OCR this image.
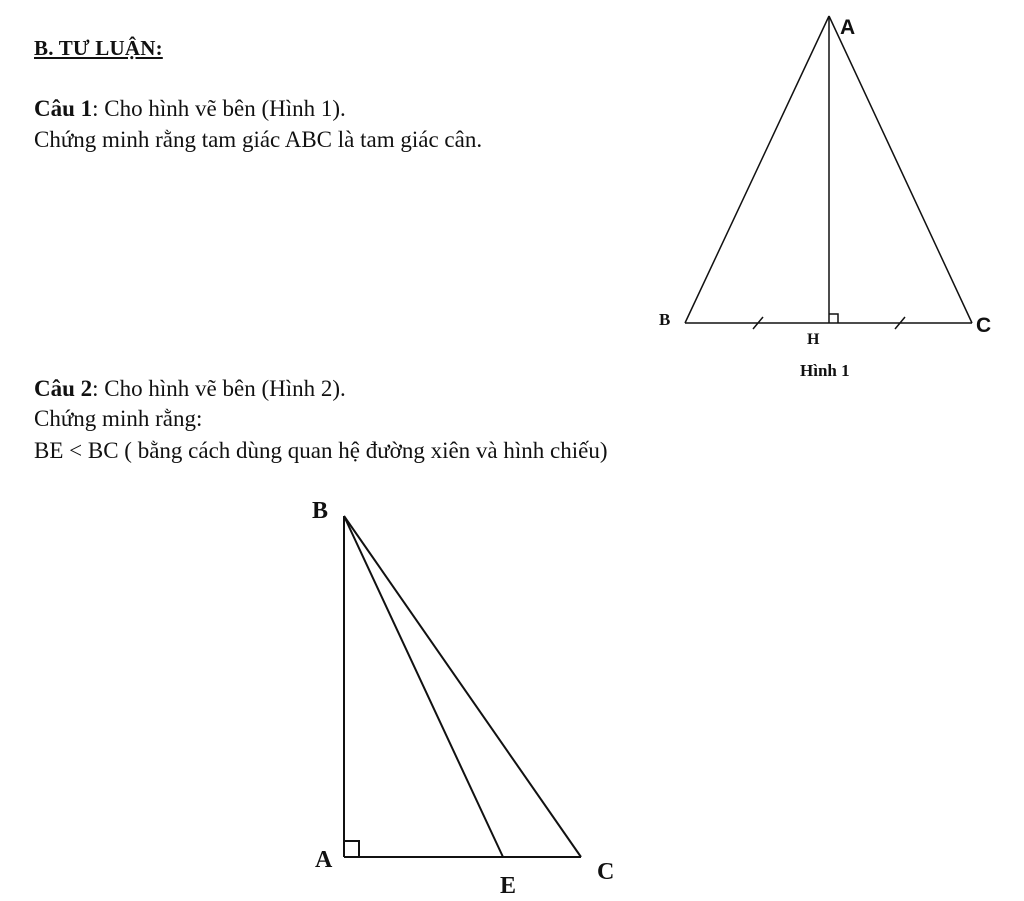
B. TƯ LUẬN:
Câu 1: Cho hình vẽ bên (Hình 1).
Chứng minh rằng tam giác ABC là tam giác cân.
Câu 2: Cho hình vẽ bên (Hình 2).
Chứng minh rằng:
BE < BC ( bằng cách dùng quan hệ đường xiên và hình chiếu)
A
B	C
H
Hình 1
B
A
E
C
